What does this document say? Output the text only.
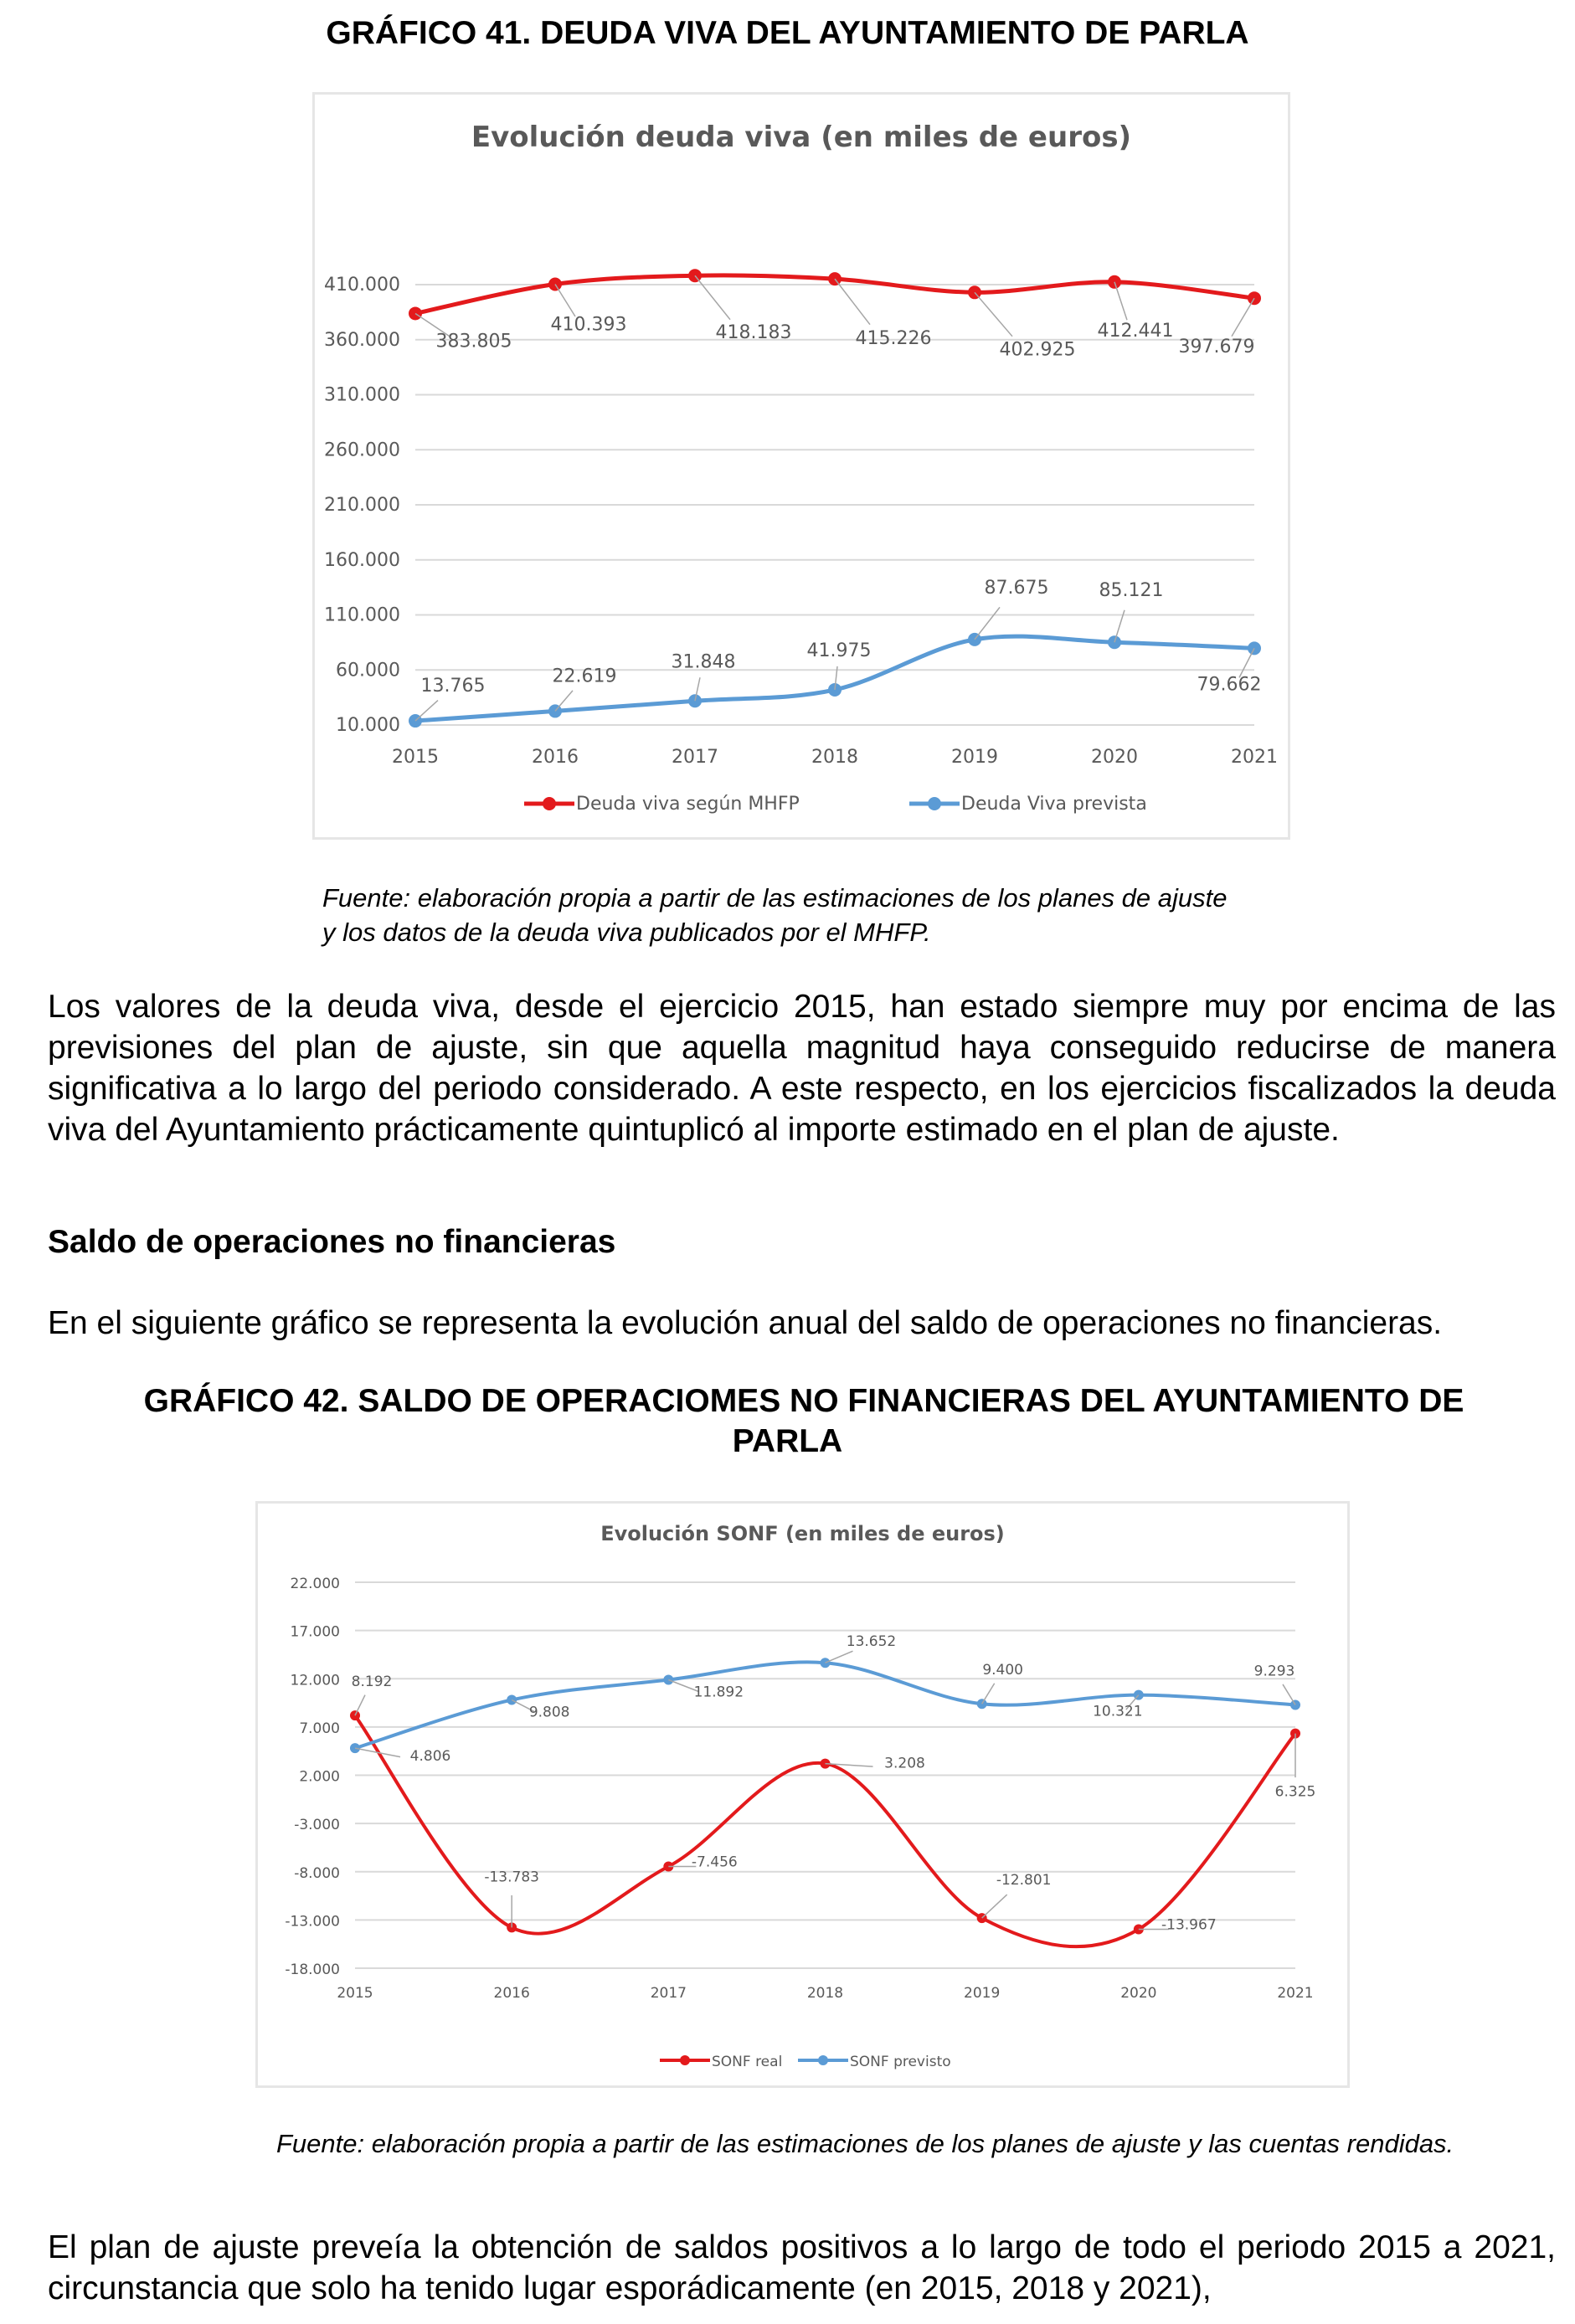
GRÁFICO 41. DEUDA VIVA DEL AYUNTAMIENTO DE PARLA
Evolución deuda viva (en miles de euros)
10.000
60.000
110.000
160.000
210.000
260.000
310.000
360.000
410.000
2015	2016	2017	2018	2019	2020	2021
383.805
410.393	418.183	415.226
402.925
412.441
397.679
Deuda viva según MHFP
13.765	22.619
31.848
41.975
87.675	85.121
79.662
Deuda Viva prevista
Fuente: elaboración propia a partir de las estimaciones de los planes de ajuste
y los datos de la deuda viva publicados por el MHFP.
Los valores de la deuda viva, desde el ejercicio 2015, han estado siempre muy por encima de las previsiones del plan de ajuste, sin que aquella magnitud haya conseguido reducirse de manera significativa a lo largo del periodo considerado. A este respecto, en los ejercicios fiscalizados la deuda viva del Ayuntamiento prácticamente quintuplicó al importe estimado en el plan de ajuste.
Saldo de operaciones no financieras
En el siguiente gráfico se representa la evolución anual del saldo de operaciones no financieras.
GRÁFICO 42. SALDO DE OPERACIOMES NO FINANCIERAS DEL AYUNTAMIENTO DE
PARLA
Evolución SONF (en miles de euros)
-18.000
-13.000
-8.000
-3.000
2.000
7.000
12.000
17.000
22.000
2015	2016	2017	2018	2019	2020	2021
8.192
-13.783
-7.456
3.208
-12.801
-13.967
6.325
SONF real
4.806
9.808
11.892
13.652
9.400
10.321
9.293
SONF previsto
Fuente: elaboración propia a partir de las estimaciones de los planes de ajuste y las cuentas rendidas.
El plan de ajuste preveía la obtención de saldos positivos a lo largo de todo el periodo 2015 a 2021, circunstancia que solo ha tenido lugar esporádicamente (en 2015, 2018 y 2021),
